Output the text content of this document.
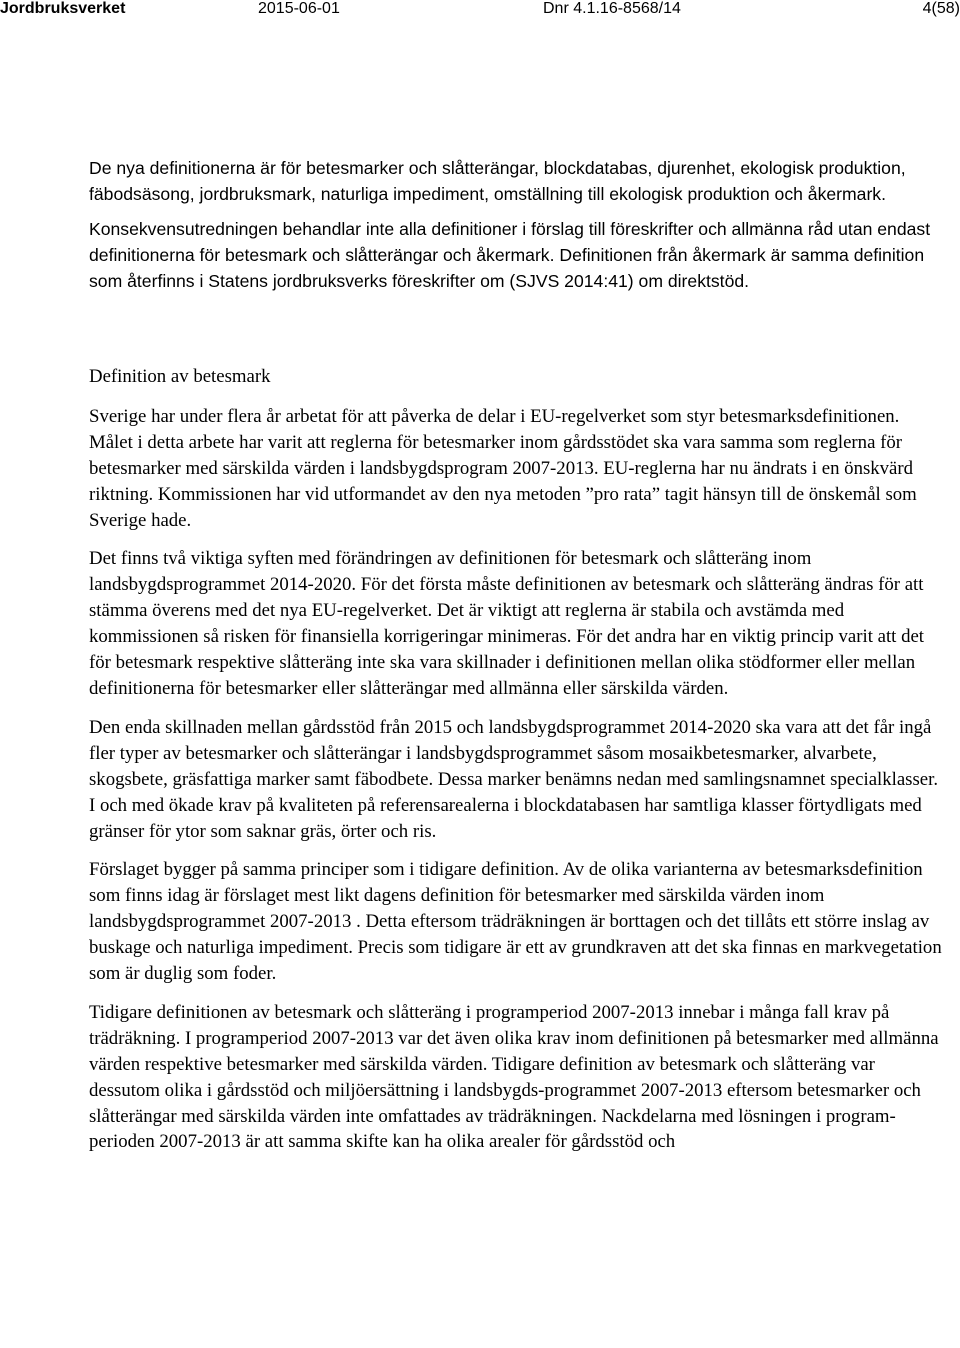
Jordbruksverket	2015-06-01	Dnr 4.1.16-8568/14	4(58)

De nya definitionerna är för betesmarker och slåtterängar, blockdatabas, djurenhet, ekologisk produktion, fäbodsäsong, jordbruksmark, naturliga impediment, omställning till ekologisk produktion och åkermark.

Konsekvensutredningen behandlar inte alla definitioner i förslag till föreskrifter och allmänna råd utan endast definitionerna för betesmark och slåtterängar och åkermark. Definitionen från åkermark är samma definition som återfinns i Statens jordbruksverks föreskrifter om (SJVS 2014:41) om direktstöd.

Definition av betesmark

Sverige har under flera år arbetat för att påverka de delar i EU-regelverket som styr betesmarksdefinitionen. Målet i detta arbete har varit att reglerna för betesmarker inom gårdsstödet ska vara samma som reglerna för betesmarker med särskilda värden i landsbygdsprogram 2007-2013. EU-reglerna har nu ändrats i en önskvärd riktning. Kommissionen har vid utformandet av den nya metoden ”pro rata” tagit hänsyn till de önskemål som Sverige hade.

Det finns två viktiga syften med förändringen av definitionen för betesmark och slåtteräng inom landsbygdsprogrammet 2014-2020. För det första måste definitionen av betesmark och slåtteräng ändras för att stämma överens med det nya EU-regelverket. Det är viktigt att reglerna är stabila och avstämda med kommissionen så risken för finansiella korrigeringar minimeras. För det andra har en viktig princip varit att det för betesmark respektive slåtteräng inte ska vara skillnader i definitionen mellan olika stödformer eller mellan definitionerna för betesmarker eller slåtterängar med allmänna eller särskilda värden.

Den enda skillnaden mellan gårdsstöd från 2015 och landsbygdsprogrammet 2014-2020 ska vara att det får ingå fler typer av betesmarker och slåtterängar i landsbygdsprogrammet såsom mosaikbetesmarker, alvarbete, skogsbete, gräsfattiga marker samt fäbodbete. Dessa marker benämns nedan med samlingsnamnet specialklasser. I och med ökade krav på kvaliteten på referensarealerna i blockdatabasen har samtliga klasser förtydligats med gränser för ytor som saknar gräs, örter och ris.

Förslaget bygger på samma principer som i tidigare definition. Av de olika varianterna av betesmarksdefinition som finns idag är förslaget mest likt dagens definition för betesmarker med särskilda värden inom landsbygdsprogrammet 2007-2013 . Detta eftersom trädräkningen är borttagen och det tillåts ett större inslag av buskage och naturliga impediment. Precis som tidigare är ett av grundkraven att det ska finnas en markvegetation som är duglig som foder.

Tidigare definitionen av betesmark och slåtteräng i programperiod 2007-2013 innebar i många fall krav på trädräkning. I programperiod 2007-2013 var det även olika krav inom definitionen på betesmarker med allmänna värden respektive betesmarker med särskilda värden. Tidigare definition av betesmark och slåtteräng var dessutom olika i gårdsstöd och miljöersättning i landsbygds-programmet 2007-2013 eftersom betesmarker och slåtterängar med särskilda värden inte omfattades av trädräkningen. Nackdelarna med lösningen i program-perioden 2007-2013 är att samma skifte kan ha olika arealer för gårdsstöd och
